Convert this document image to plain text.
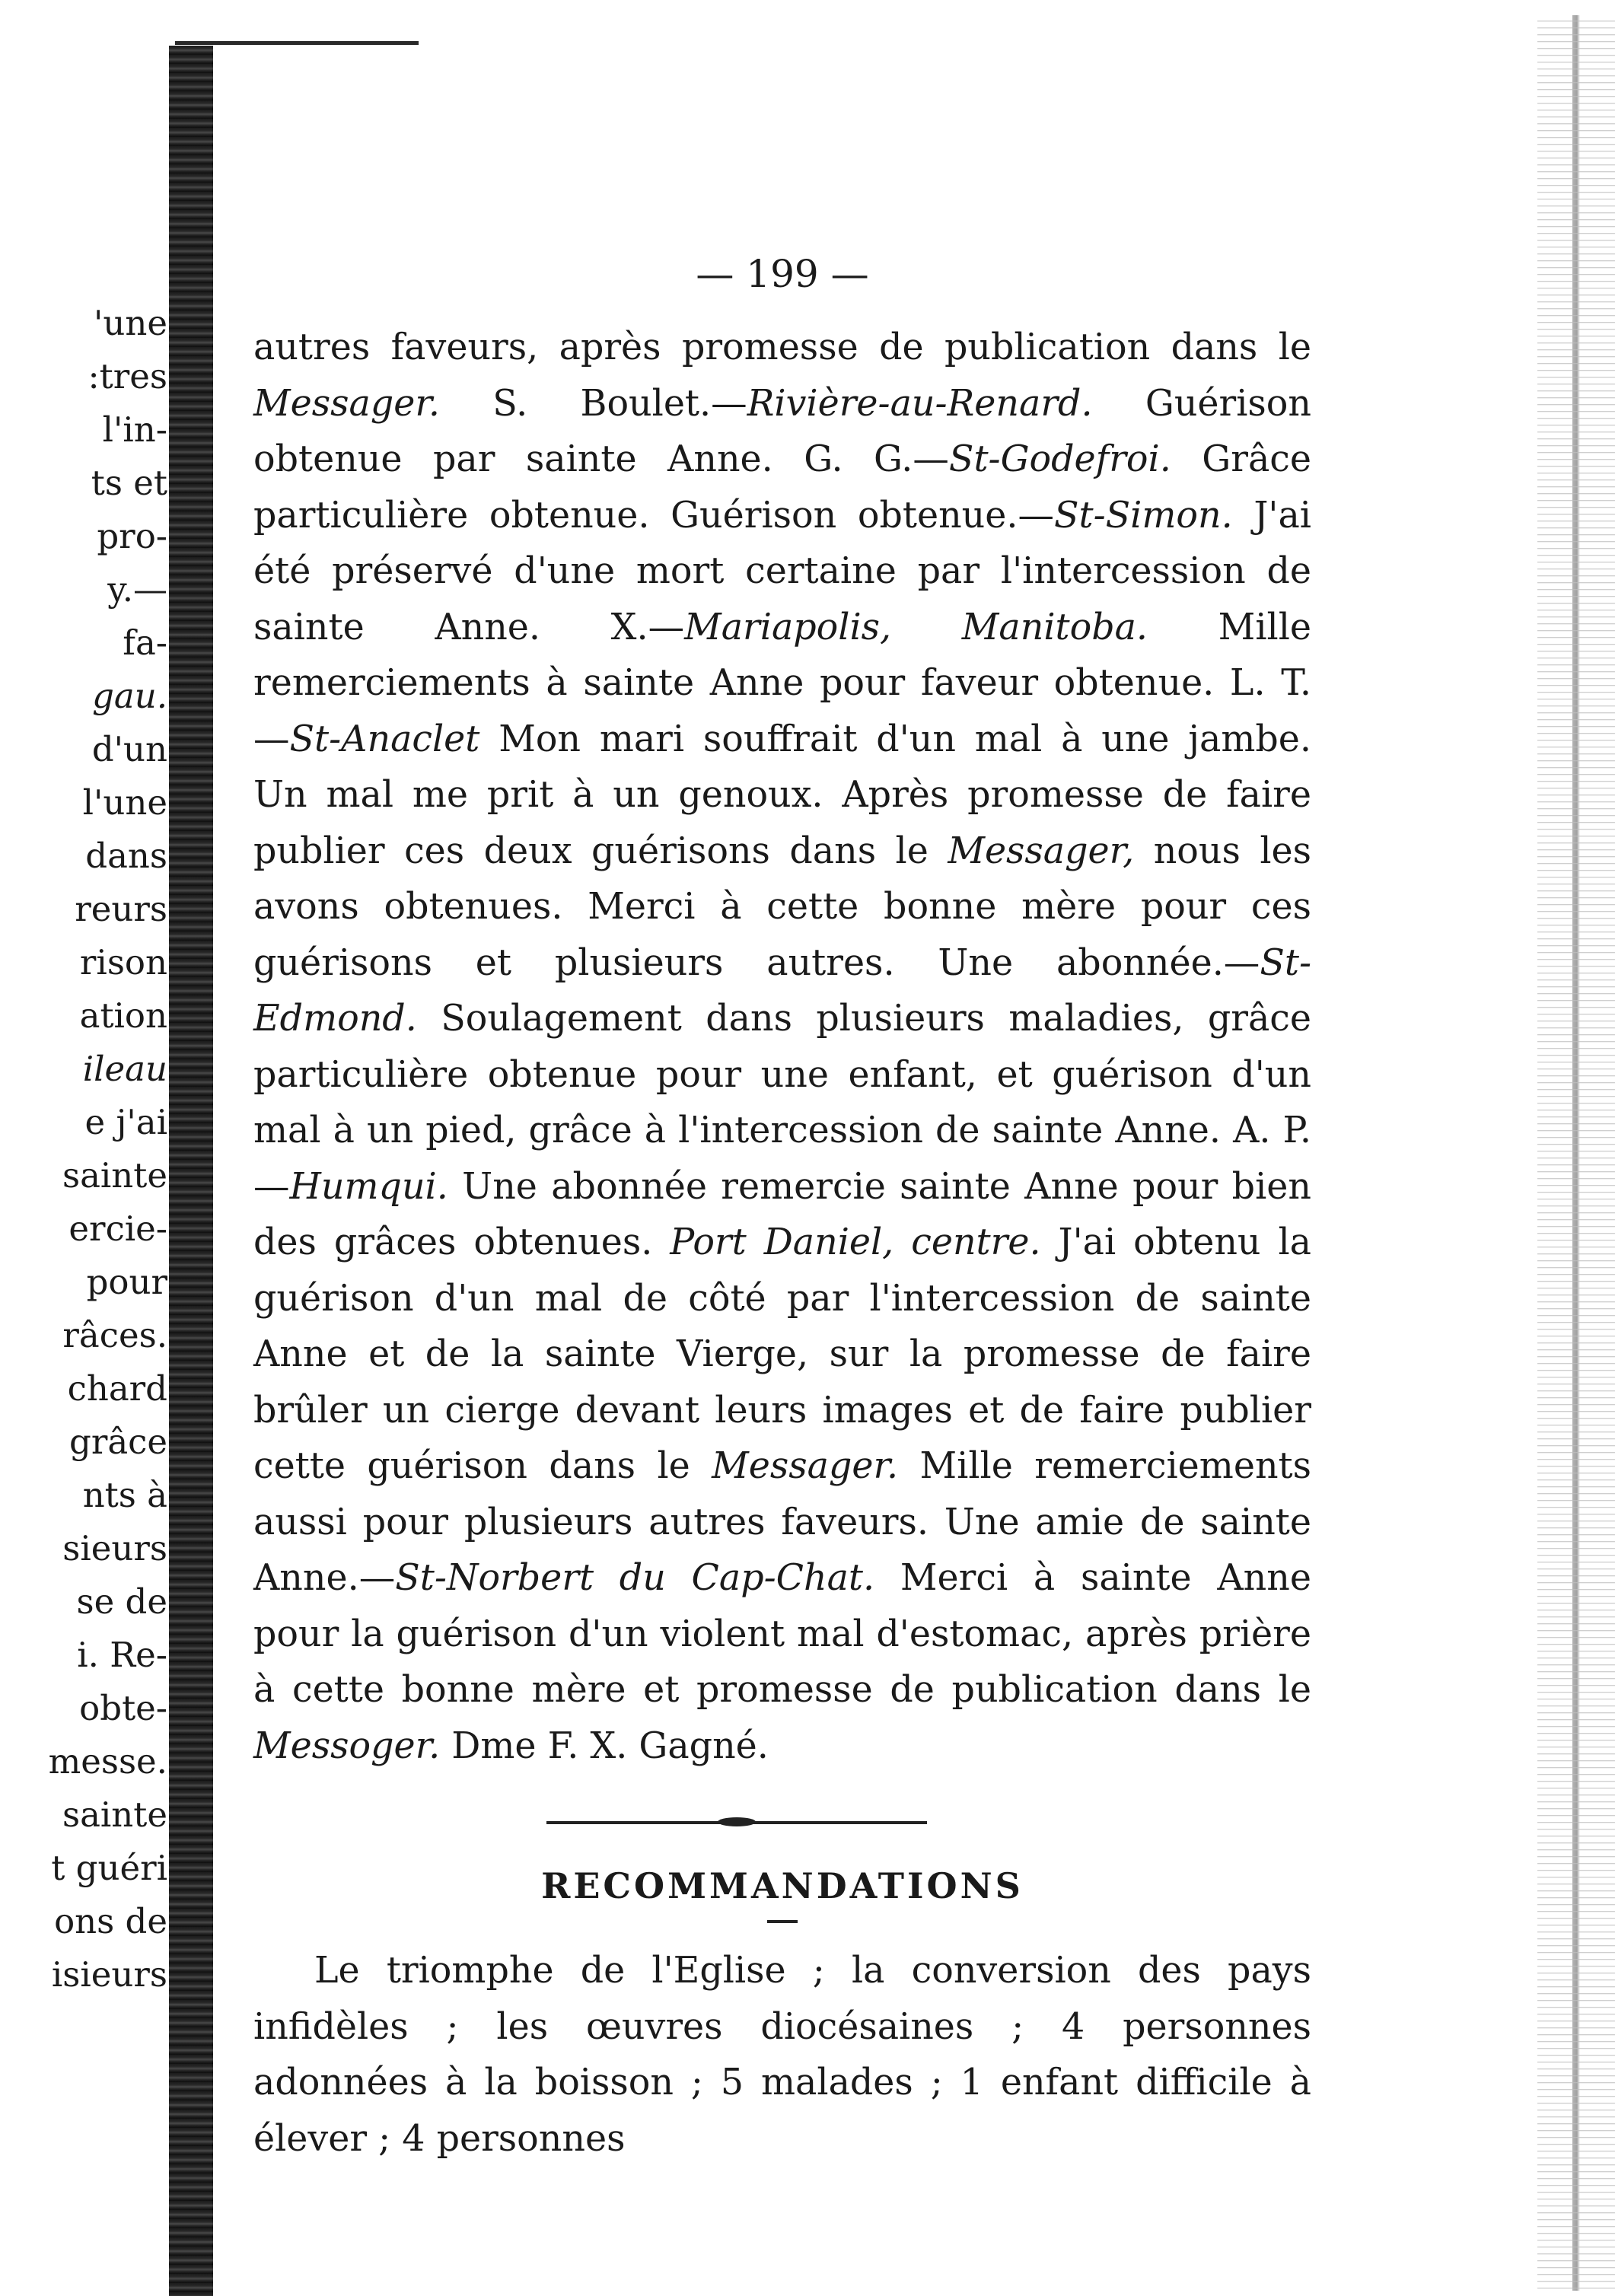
'une
:tres
l'in-
ts et
pro-
y.—
fa-
gau.
d'un
l'une
dans
reurs
rison
ation
ileau
e j'ai
sainte
ercie-
pour
râces.
chard
grâce
nts à
sieurs
se de
i. Re-
obte-
messe.
sainte
t guéri
ons de
isieurs
— 199 —
autres faveurs, après promesse de publication dans le Messager. S. Boulet.—Rivière-au-Renard. Guérison obtenue par sainte Anne. G. G.—St-Godefroi. Grâce particulière obtenue. Guérison obtenue.—St-Simon. J'ai été préservé d'une mort certaine par l'intercession de sainte Anne. X.—Mariapolis, Manitoba. Mille remerciements à sainte Anne pour faveur obtenue. L. T.—St-Anaclet Mon mari souffrait d'un mal à une jambe. Un mal me prit à un genoux. Après promesse de faire publier ces deux guérisons dans le Messager, nous les avons obtenues. Merci à cette bonne mère pour ces guérisons et plusieurs autres. Une abonnée.—St-Edmond. Soulagement dans plusieurs maladies, grâce particulière obtenue pour une enfant, et guérison d'un mal à un pied, grâce à l'intercession de sainte Anne. A. P.—Humqui. Une abonnée remercie sainte Anne pour bien des grâces obtenues. Port Daniel, centre. J'ai obtenu la guérison d'un mal de côté par l'intercession de sainte Anne et de la sainte Vierge, sur la promesse de faire brûler un cierge devant leurs images et de faire publier cette guérison dans le Messager. Mille remerciements aussi pour plusieurs autres faveurs. Une amie de sainte Anne.—St-Norbert du Cap-Chat. Merci à sainte Anne pour la guérison d'un violent mal d'estomac, après prière à cette bonne mère et promesse de publication dans le Messoger. Dme F. X. Gagné.
RECOMMANDATIONS
Le triomphe de l'Eglise ; la conversion des pays infidèles ; les œuvres diocésaines ; 4 personnes adonnées à la boisson ; 5 malades ; 1 enfant difficile à élever ; 4 personnes
